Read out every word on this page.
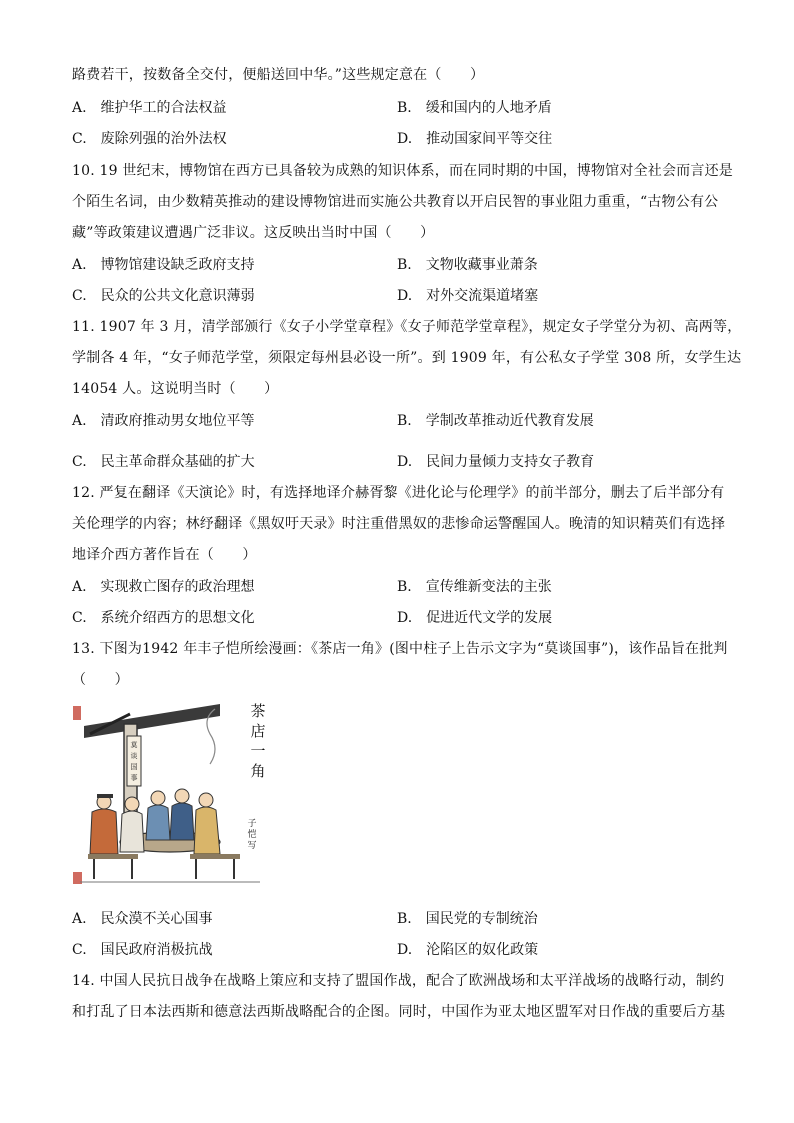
路费若干，按数备全交付，便船送回中华。”这些规定意在（　　）
A.　维护华工的合法权益	B.　缓和国内的人地矛盾
C.　废除列强的治外法权	D.　推动国家间平等交往
10. 19 世纪末，博物馆在西方已具备较为成熟的知识体系，而在同时期的中国，博物馆对全社会而言还是
个陌生名词，由少数精英推动的建设博物馆进而实施公共教育以开启民智的事业阻力重重，“古物公有公
藏”等政策建议遭遇广泛非议。这反映出当时中国（　　）
A.　博物馆建设缺乏政府支持	B.　文物收藏事业萧条
C.　民众的公共文化意识薄弱	D.　对外交流渠道堵塞
11. 1907 年 3 月，清学部颁行《女子小学堂章程》《女子师范学堂章程》，规定女子学堂分为初、高两等，
学制各 4 年，“女子师范学堂，须限定每州县必设一所”。到 1909 年，有公私女子学堂 308 所，女学生达
14054 人。这说明当时（　　）
A.　清政府推动男女地位平等	B.　学制改革推动近代教育发展
C.　民主革命群众基础的扩大	D.　民间力量倾力支持女子教育
12. 严复在翻译《天演论》时，有选择地译介赫胥黎《进化论与伦理学》的前半部分，删去了后半部分有
关伦理学的内容；林纾翻译《黑奴吁天录》时注重借黑奴的悲惨命运警醒国人。晚清的知识精英们有选择
地译介西方著作旨在（　　）
A.　实现救亡图存的政治理想	B.　宣传维新变法的主张
C.　系统介绍西方的思想文化	D.　促进近代文学的发展
13. 下图为1942 年丰子恺所绘漫画：《茶店一角》(图中柱子上告示文字为“莫谈国事”)，该作品旨在批判
（　　）
莫
谈
国
事
茶
店
一
角
子
恺
写
A.　民众漠不关心国事	B.　国民党的专制统治
C.　国民政府消极抗战	D.　沦陷区的奴化政策
14. 中国人民抗日战争在战略上策应和支持了盟国作战，配合了欧洲战场和太平洋战场的战略行动，制约
和打乱了日本法西斯和德意法西斯战略配合的企图。同时，中国作为亚太地区盟军对日作战的重要后方基
